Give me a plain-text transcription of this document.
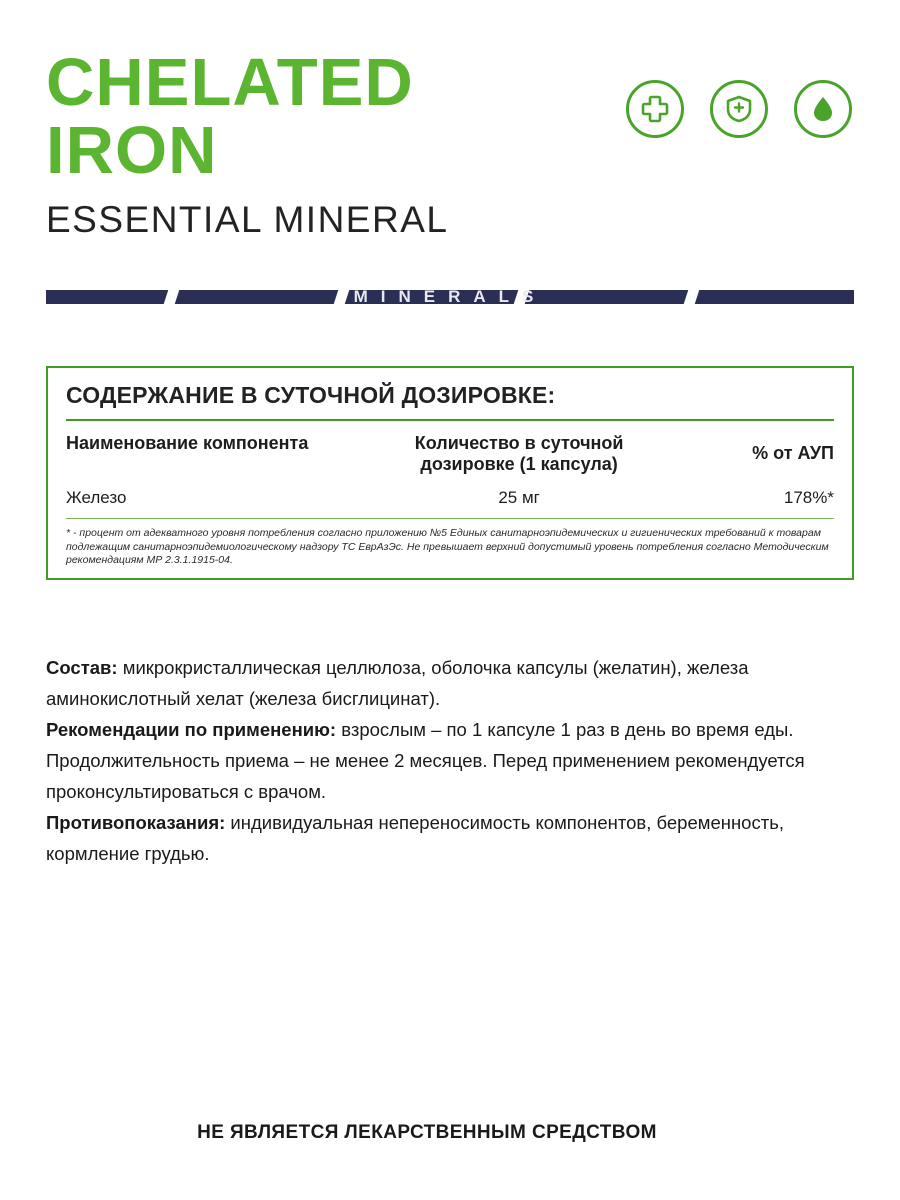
CHELATED
IRON
ESSENTIAL MINERAL
MINERALS
СОДЕРЖАНИЕ В СУТОЧНОЙ ДОЗИРОВКЕ:
Наименование компонента	Количество в суточной дозировке (1 капсула)	% от АУП
Железо	25 мг	178%*
* - процент от адекватного уровня потребления согласно приложению №5 Единых санитарноэпидемических и гигиенических требований к товарам подлежащим санитарноэпидемиологическому надзору ТС ЕврАзЭс. Не превышает верхний допустимый уровень потребления согласно Методическим рекомендациям МР 2.3.1.1915-04.

Состав: микрокристаллическая целлюлоза, оболочка капсулы (желатин), железа аминокислотный хелат (железа бисглицинат).

Рекомендации по применению: взрослым – по 1 капсуле 1 раз в день во время еды. Продолжительность приема – не менее 2 месяцев. Перед применением рекомендуется проконсультироваться с врачом.

Противопоказания: индивидуальная непереносимость компонентов, беременность, кормление грудью.

НЕ ЯВЛЯЕТСЯ ЛЕКАРСТВЕННЫМ СРЕДСТВОМ
